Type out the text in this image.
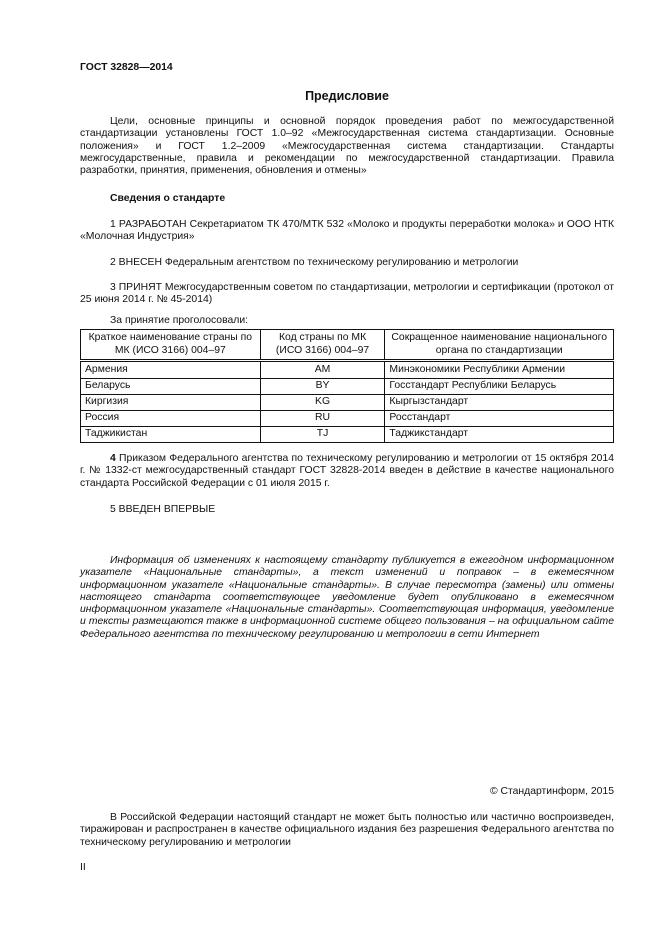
ГОСТ 32828—2014
Предисловие
Цели, основные принципы и основной порядок проведения работ по межгосударственной стандартизации установлены ГОСТ 1.0–92 «Межгосударственная система стандартизации. Основные положения» и ГОСТ 1.2–2009 «Межгосударственная система стандартизации. Стандарты межгосударственные, правила и рекомендации по межгосударственной стандартизации. Правила разработки, принятия, применения, обновления и отмены»
Сведения о стандарте
1 РАЗРАБОТАН Секретариатом ТК 470/МТК 532 «Молоко и продукты переработки молока» и ООО НТК «Молочная Индустрия»
2 ВНЕСЕН Федеральным агентством по техническому регулированию и метрологии
3 ПРИНЯТ Межгосударственным советом по стандартизации, метрологии и сертификации (протокол от 25 июня 2014 г. № 45-2014)
За принятие проголосовали:
Краткое наименование страны по МК (ИСО 3166) 004–97	Код страны по МК (ИСО 3166) 004–97	Сокращенное наименование национального органа по стандартизации
Армения	AM	Минэкономики Республики Армении
Беларусь	BY	Госстандарт Республики Беларусь
Киргизия	KG	Кыргызстандарт
Россия	RU	Росстандарт
Таджикистан	TJ	Таджикстандарт
4 Приказом Федерального агентства по техническому регулированию и метрологии от 15 октября 2014 г. № 1332-ст межгосударственный стандарт ГОСТ 32828-2014 введен в действие в качестве национального стандарта Российской Федерации с 01 июля 2015 г.
5 ВВЕДЕН ВПЕРВЫЕ
Информация об изменениях к настоящему стандарту публикуется в ежегодном информационном указателе «Национальные стандарты», а текст изменений и поправок – в ежемесячном информационном указателе «Национальные стандарты». В случае пересмотра (замены) или отмены настоящего стандарта соответствующее уведомление будет опубликовано в ежемесячном информационном указателе «Национальные стандарты». Соответствующая информация, уведомление и тексты размещаются также в информационной системе общего пользования – на официальном сайте Федерального агентства по техническому регулированию и метрологии в сети Интернет
© Стандартинформ, 2015
В Российской Федерации настоящий стандарт не может быть полностью или частично воспроизведен, тиражирован и распространен в качестве официального издания без разрешения Федерального агентства по техническому регулированию и метрологии
II
